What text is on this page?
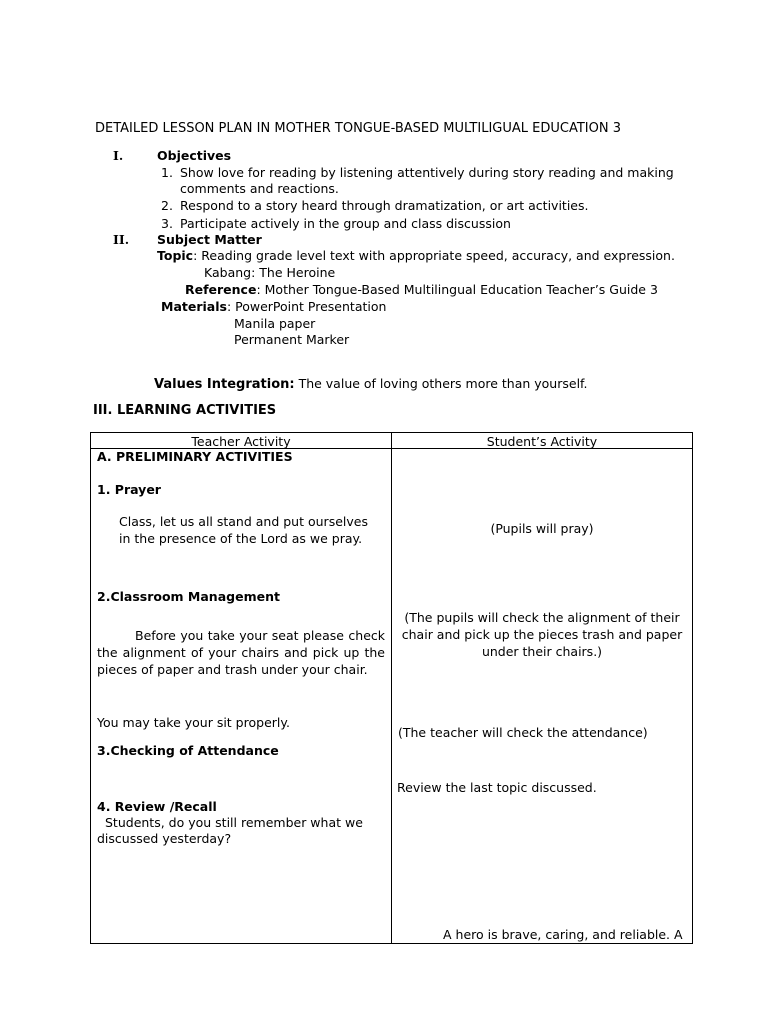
DETAILED LESSON PLAN IN MOTHER TONGUE-BASED MULTILIGUAL EDUCATION 3
I.	Objectives
1. Show love for reading by listening attentively during story reading and making
comments and reactions.
2. Respond to a story heard through dramatization, or art activities.
3. Participate actively in the group and class discussion
II. Subject Matter
Topic: Reading grade level text with appropriate speed, accuracy, and expression.
Kabang: The Heroine
Reference: Mother Tongue-Based Multilingual Education Teacher’s Guide 3
Materials: PowerPoint Presentation
Manila paper
Permanent Marker
Values Integration: The value of loving others more than yourself.
III. LEARNING ACTIVITIES
Teacher Activity	Student’s Activity
A. PRELIMINARY ACTIVITIES
1. Prayer
Class, let us all stand and put ourselves in the presence of the Lord as we pray.
(Pupils will pray)
2.Classroom Management
Before you take your seat please check the alignment of your chairs and pick up the pieces of paper and trash under your chair.
(The pupils will check the alignment of their chair and pick up the pieces trash and paper under their chairs.)
You may take your sit properly.
(The teacher will check the attendance)
3.Checking of Attendance
Review the last topic discussed.
4. Review /Recall
Students, do you still remember what we discussed yesterday?
A hero is brave, caring, and reliable. A
